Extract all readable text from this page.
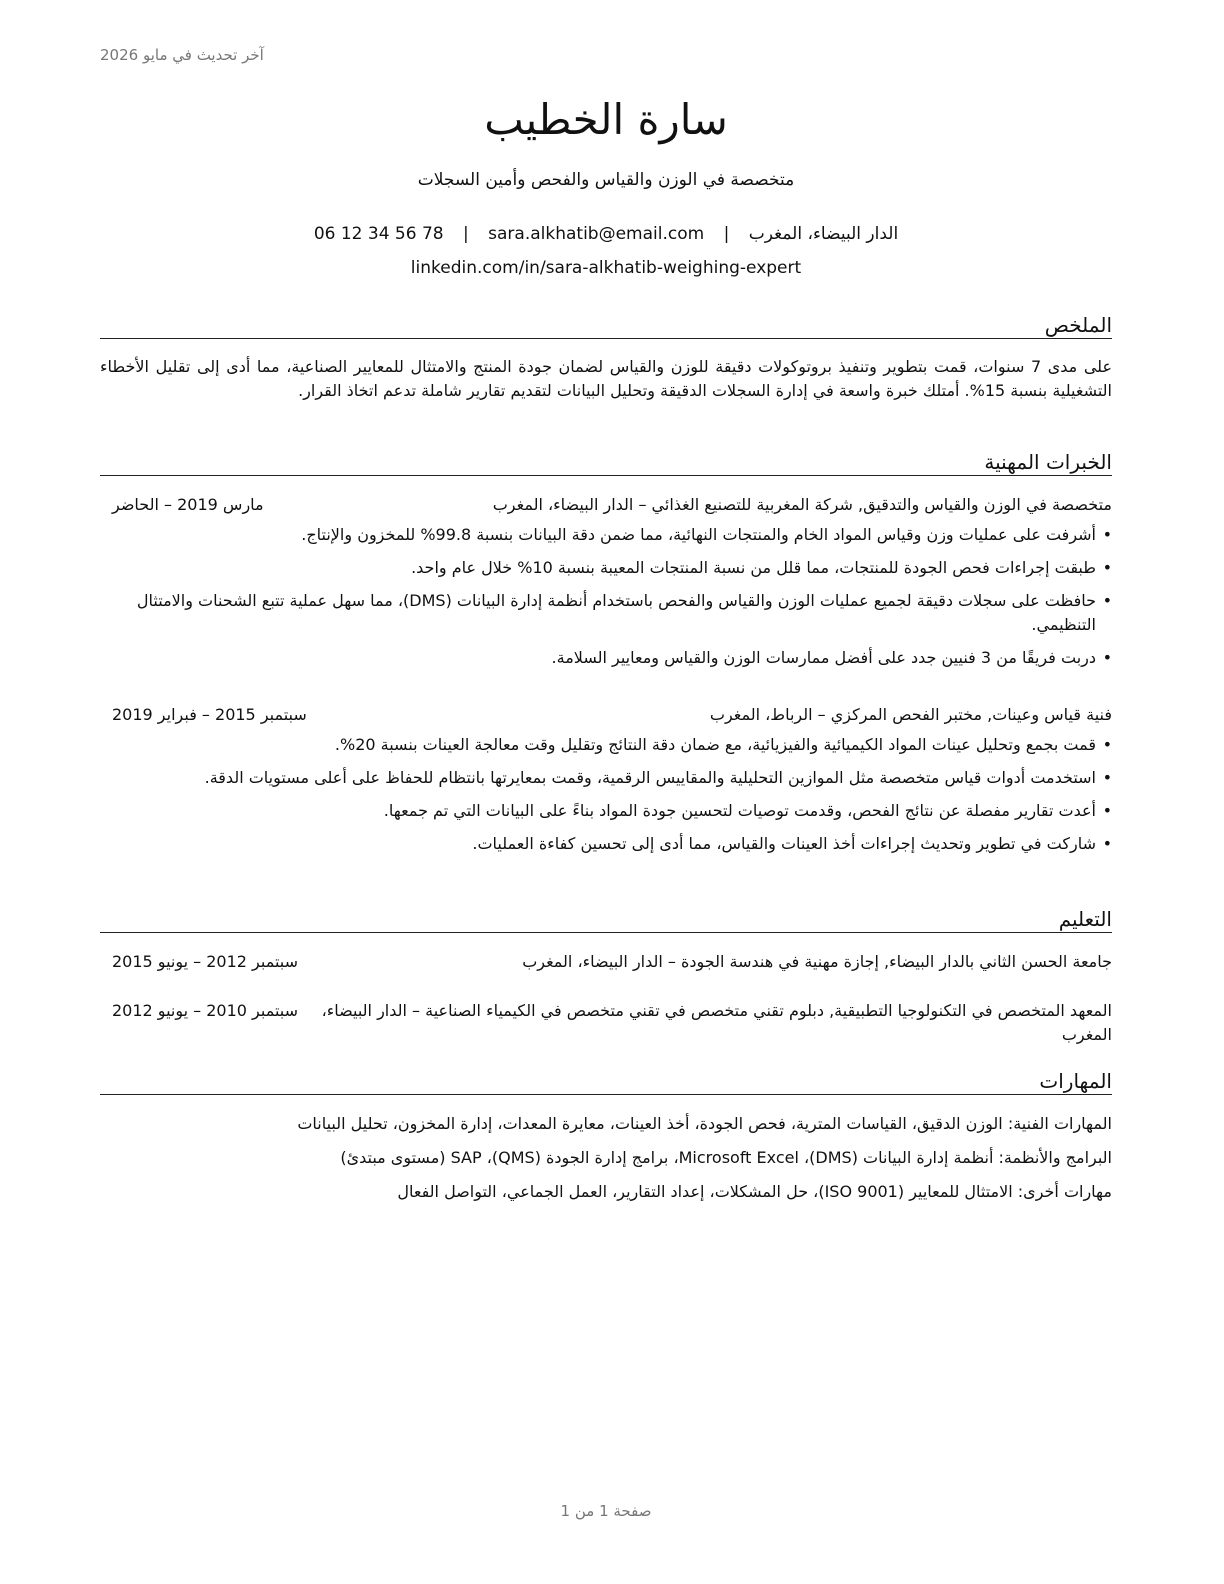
آخر تحديث في مايو 2026
سارة الخطيب
متخصصة في الوزن والقياس والفحص وأمين السجلات
الدار البيضاء، المغرب | sara.alkhatib@email.com | 06 12 34 56 78
linkedin.com/in/sara-alkhatib-weighing-expert
الملخص
على مدى 7 سنوات، قمت بتطوير وتنفيذ بروتوكولات دقيقة للوزن والقياس لضمان جودة المنتج والامتثال للمعايير الصناعية، مما أدى إلى تقليل الأخطاء التشغيلية بنسبة 15%. أمتلك خبرة واسعة في إدارة السجلات الدقيقة وتحليل البيانات لتقديم تقارير شاملة تدعم اتخاذ القرار.
الخبرات المهنية
متخصصة في الوزن والقياس والتدقيق, شركة المغربية للتصنيع الغذائي – الدار البيضاء، المغرب
مارس 2019 – الحاضر
• أشرفت على عمليات وزن وقياس المواد الخام والمنتجات النهائية، مما ضمن دقة البيانات بنسبة 99.8% للمخزون والإنتاج.
• طبقت إجراءات فحص الجودة للمنتجات، مما قلل من نسبة المنتجات المعيبة بنسبة 10% خلال عام واحد.
• حافظت على سجلات دقيقة لجميع عمليات الوزن والقياس والفحص باستخدام أنظمة إدارة البيانات (DMS)، مما سهل عملية تتبع الشحنات والامتثال التنظيمي.
• دربت فريقًا من 3 فنيين جدد على أفضل ممارسات الوزن والقياس ومعايير السلامة.
فنية قياس وعينات, مختبر الفحص المركزي – الرباط، المغرب
سبتمبر 2015 – فبراير 2019
• قمت بجمع وتحليل عينات المواد الكيميائية والفيزيائية، مع ضمان دقة النتائج وتقليل وقت معالجة العينات بنسبة 20%.
• استخدمت أدوات قياس متخصصة مثل الموازين التحليلية والمقاييس الرقمية، وقمت بمعايرتها بانتظام للحفاظ على أعلى مستويات الدقة.
• أعدت تقارير مفصلة عن نتائج الفحص، وقدمت توصيات لتحسين جودة المواد بناءً على البيانات التي تم جمعها.
• شاركت في تطوير وتحديث إجراءات أخذ العينات والقياس، مما أدى إلى تحسين كفاءة العمليات.
التعليم
جامعة الحسن الثاني بالدار البيضاء, إجازة مهنية في هندسة الجودة – الدار البيضاء، المغرب
سبتمبر 2012 – يونيو 2015
المعهد المتخصص في التكنولوجيا التطبيقية, دبلوم تقني متخصص في تقني متخصص في الكيمياء الصناعية – الدار البيضاء، المغرب
سبتمبر 2010 – يونيو 2012
المهارات
المهارات الفنية: الوزن الدقيق، القياسات المترية، فحص الجودة، أخذ العينات، معايرة المعدات، إدارة المخزون، تحليل البيانات
البرامج والأنظمة: أنظمة إدارة البيانات (DMS)، Microsoft Excel، برامج إدارة الجودة (QMS)، SAP (مستوى مبتدئ)
مهارات أخرى: الامتثال للمعايير (ISO 9001)، حل المشكلات، إعداد التقارير، العمل الجماعي، التواصل الفعال
صفحة 1 من 1
